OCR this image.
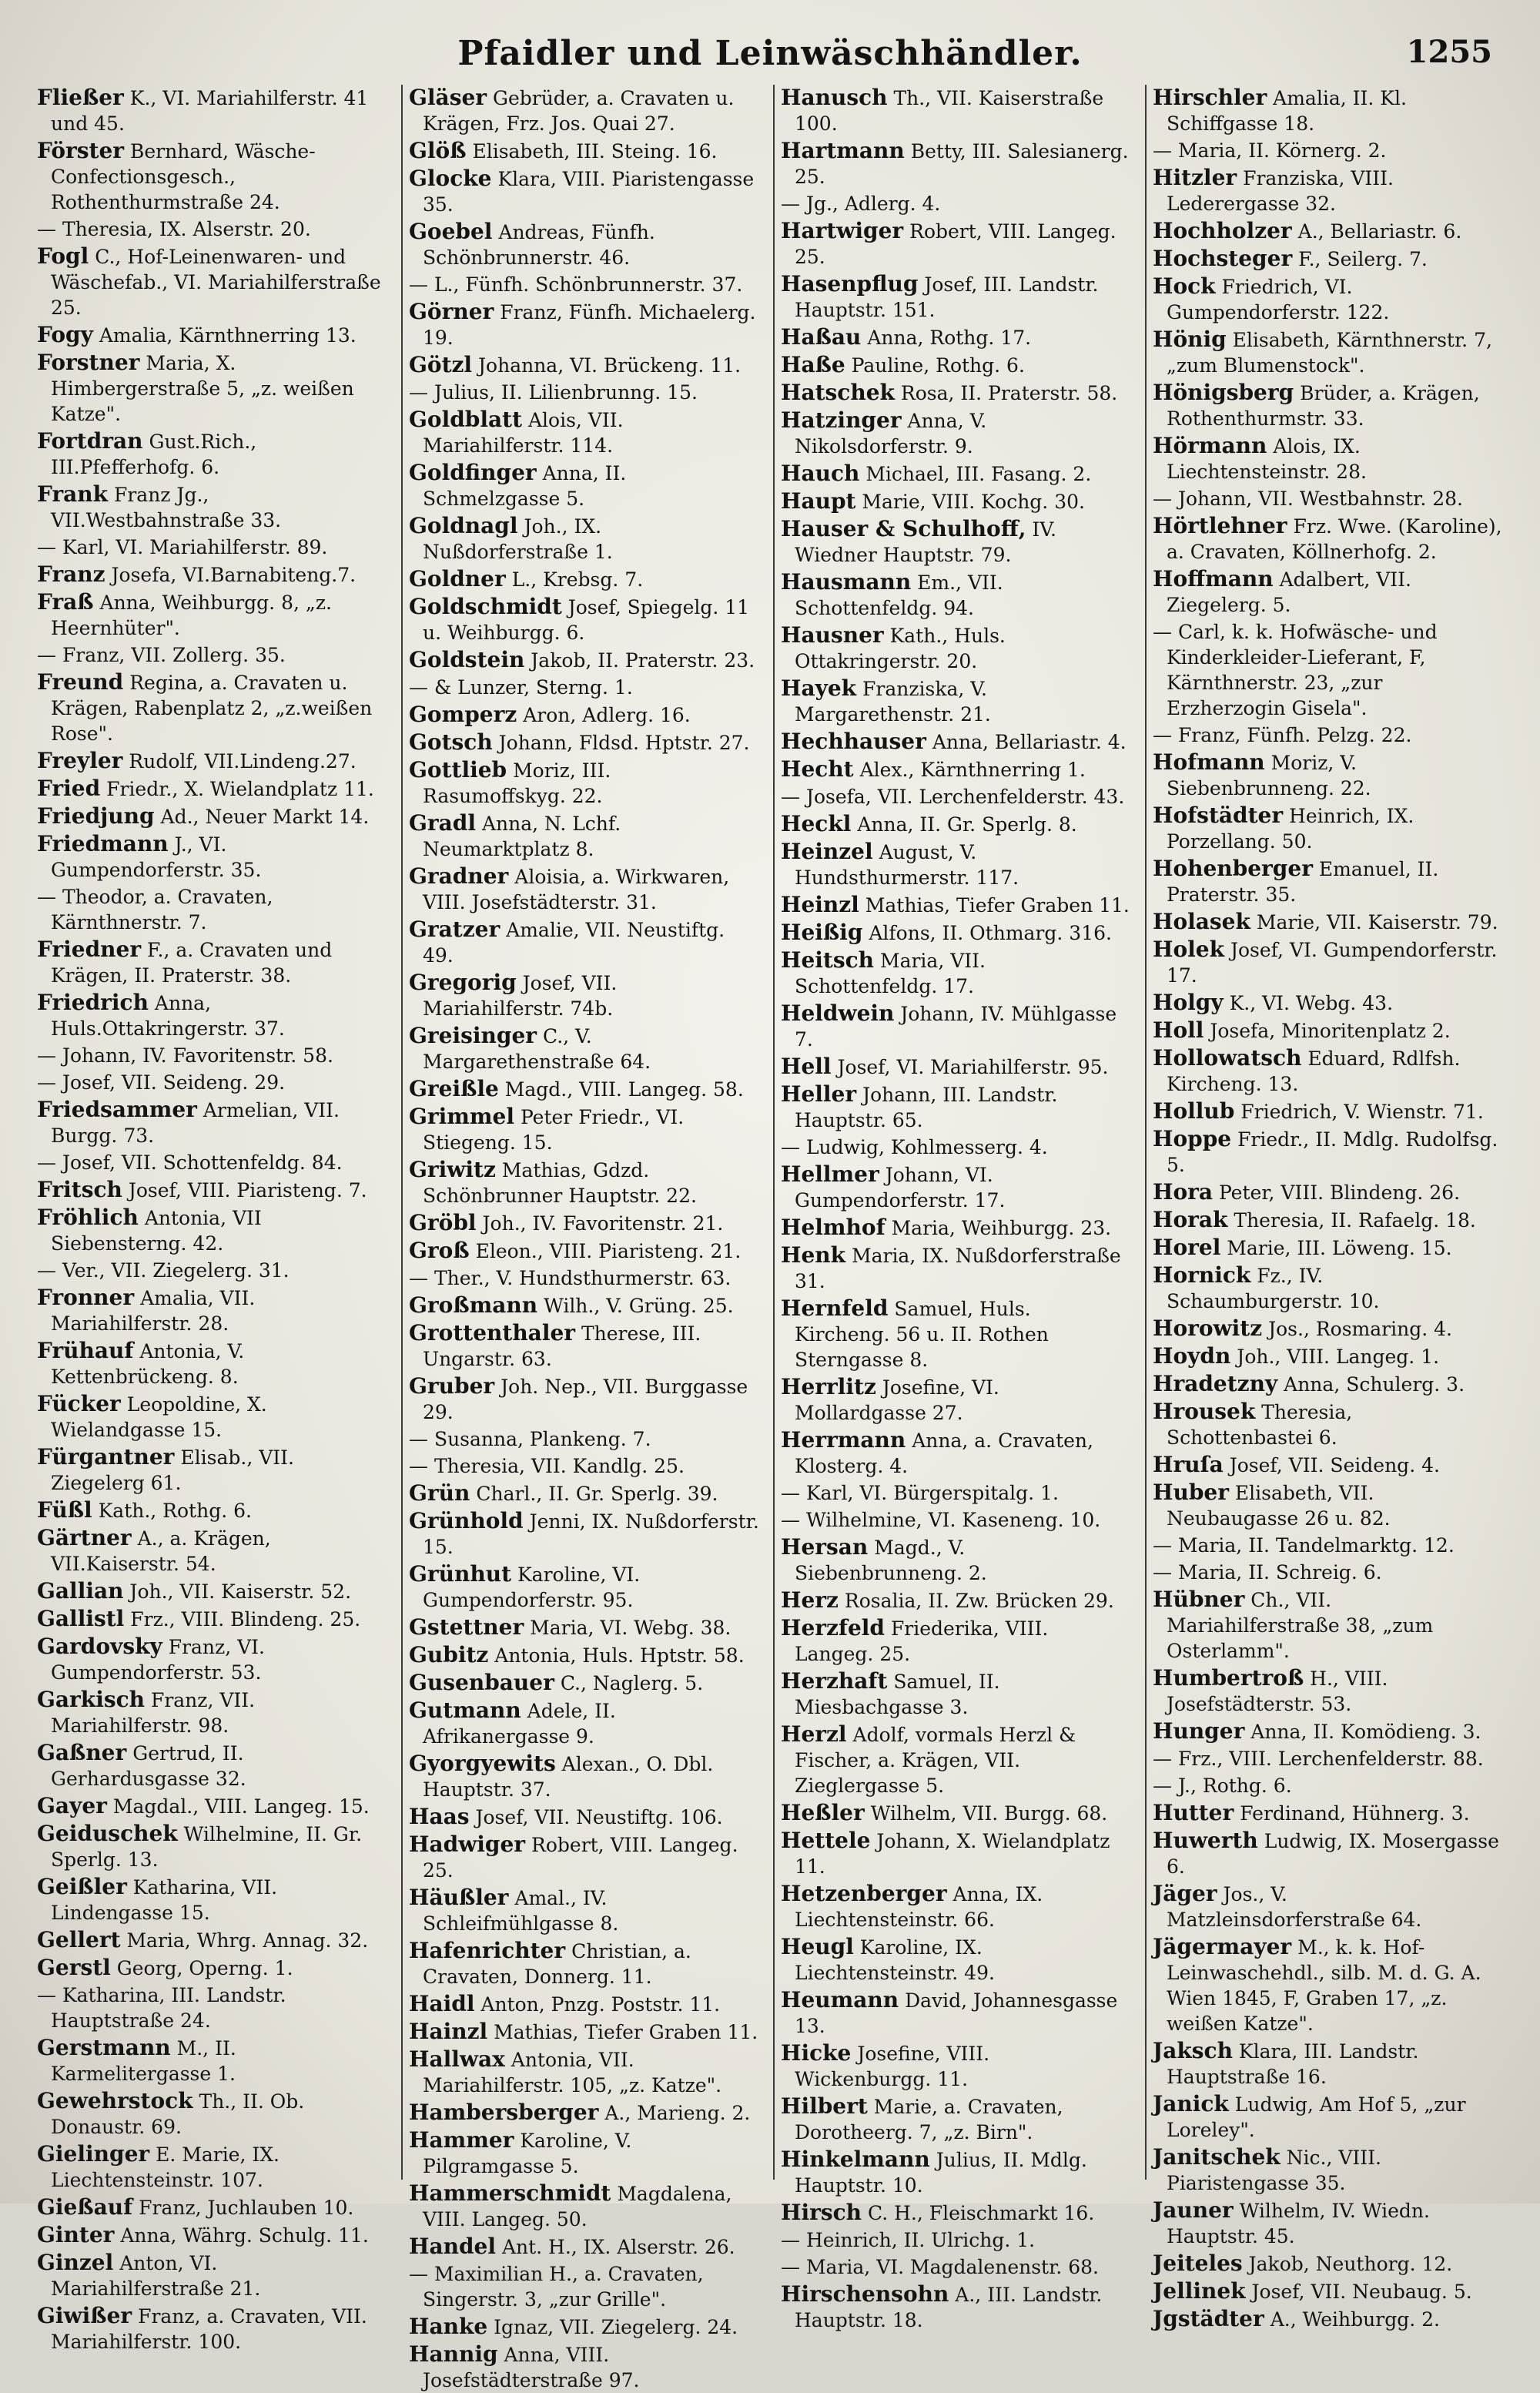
Pfaidler und Leinwäschhändler.	1255
Fließer K., VI. Mariahilferstr. 41 und 45.
Förster Bernhard, Wäsche-Confectionsgesch., Rothenthurmstraße 24.
— Theresia, IX. Alserstr. 20.
Fogl C., Hof-Leinenwaren- und Wäschefab., VI. Mariahilferstraße 25.
Fogy Amalia, Kärnthnerring 13.
Forstner Maria, X. Himbergerstraße 5, „z. weißen Katze".
Fortdran Gust.Rich., III.Pfefferhofg. 6.
Frank Franz Jg., VII.Westbahnstraße 33.
— Karl, VI. Mariahilferstr. 89.
Franz Josefa, VI.Barnabiteng.7.
Fraß Anna, Weihburgg. 8, „z. Heernhüter".
— Franz, VII. Zollerg. 35.
Freund Regina, a. Cravaten u. Krägen, Rabenplatz 2, „z.weißen Rose".
Freyler Rudolf, VII.Lindeng.27.
Fried Friedr., X. Wielandplatz 11.
Friedjung Ad., Neuer Markt 14.
Friedmann J., VI. Gumpendorferstr. 35.
— Theodor, a. Cravaten, Kärnthnerstr. 7.
Friedner F., a. Cravaten und Krägen, II. Praterstr. 38.
Friedrich Anna, Huls.Ottakringerstr. 37.
— Johann, IV. Favoritenstr. 58.
— Josef, VII. Seideng. 29.
Friedsammer Armelian, VII. Burgg. 73.
— Josef, VII. Schottenfeldg. 84.
Fritsch Josef, VIII. Piaristeng. 7.
Fröhlich Antonia, VII Siebensterng. 42.
— Ver., VII. Ziegelerg. 31.
Fronner Amalia, VII. Mariahilferstr. 28.
Frühauf Antonia, V. Kettenbrückeng. 8.
Fücker Leopoldine, X. Wielandgasse 15.
Fürgantner Elisab., VII. Ziegelerg 61.
Füßl Kath., Rothg. 6.
Gärtner A., a. Krägen, VII.Kaiserstr. 54.
Gallian Joh., VII. Kaiserstr. 52.
Gallistl Frz., VIII. Blindeng. 25.
Gardovsky Franz, VI. Gumpendorferstr. 53.
Garkisch Franz, VII. Mariahilferstr. 98.
Gaßner Gertrud, II. Gerhardusgasse 32.
Gayer Magdal., VIII. Langeg. 15.
Geiduschek Wilhelmine, II. Gr. Sperlg. 13.
Geißler Katharina, VII. Lindengasse 15.
Gellert Maria, Whrg. Annag. 32.
Gerstl Georg, Operng. 1.
— Katharina, III. Landstr. Hauptstraße 24.
Gerstmann M., II. Karmelitergasse 1.
Gewehrstock Th., II. Ob. Donaustr. 69.
Gielinger E. Marie, IX. Liechtensteinstr. 107.
Gießauf Franz, Juchlauben 10.
Ginter Anna, Währg. Schulg. 11.
Ginzel Anton, VI. Mariahilferstraße 21.
Giwißer Franz, a. Cravaten, VII. Mariahilferstr. 100.
Gläser Gebrüder, a. Cravaten u. Krägen, Frz. Jos. Quai 27.
Glöß Elisabeth, III. Steing. 16.
Glocke Klara, VIII. Piaristengasse 35.
Goebel Andreas, Fünfh. Schönbrunnerstr. 46.
— L., Fünfh. Schönbrunnerstr. 37.
Görner Franz, Fünfh. Michaelerg. 19.
Götzl Johanna, VI. Brückeng. 11.
— Julius, II. Lilienbrunng. 15.
Goldblatt Alois, VII. Mariahilferstr. 114.
Goldfinger Anna, II. Schmelzgasse 5.
Goldnagl Joh., IX. Nußdorferstraße 1.
Goldner L., Krebsg. 7.
Goldschmidt Josef, Spiegelg. 11 u. Weihburgg. 6.
Goldstein Jakob, II. Praterstr. 23.
— & Lunzer, Sterng. 1.
Gomperz Aron, Adlerg. 16.
Gotsch Johann, Fldsd. Hptstr. 27.
Gottlieb Moriz, III. Rasumoffskyg. 22.
Gradl Anna, N. Lchf. Neumarktplatz 8.
Gradner Aloisia, a. Wirkwaren, VIII. Josefstädterstr. 31.
Gratzer Amalie, VII. Neustiftg. 49.
Gregorig Josef, VII. Mariahilferstr. 74b.
Greisinger C., V. Margarethenstraße 64.
Greißle Magd., VIII. Langeg. 58.
Grimmel Peter Friedr., VI. Stiegeng. 15.
Griwitz Mathias, Gdzd. Schönbrunner Hauptstr. 22.
Gröbl Joh., IV. Favoritenstr. 21.
Groß Eleon., VIII. Piaristeng. 21.
— Ther., V. Hundsthurmerstr. 63.
Großmann Wilh., V. Grüng. 25.
Grottenthaler Therese, III. Ungarstr. 63.
Gruber Joh. Nep., VII. Burggasse 29.
— Susanna, Plankeng. 7.
— Theresia, VII. Kandlg. 25.
Grün Charl., II. Gr. Sperlg. 39.
Grünhold Jenni, IX. Nußdorferstr. 15.
Grünhut Karoline, VI. Gumpendorferstr. 95.
Gstettner Maria, VI. Webg. 38.
Gubitz Antonia, Huls. Hptstr. 58.
Gusenbauer C., Naglerg. 5.
Gutmann Adele, II. Afrikanergasse 9.
Gyorgyewits Alexan., O. Dbl. Hauptstr. 37.
Haas Josef, VII. Neustiftg. 106.
Hadwiger Robert, VIII. Langeg. 25.
Häußler Amal., IV. Schleifmühlgasse 8.
Hafenrichter Christian, a. Cravaten, Donnerg. 11.
Haidl Anton, Pnzg. Poststr. 11.
Hainzl Mathias, Tiefer Graben 11.
Hallwax Antonia, VII. Mariahilferstr. 105, „z. Katze".
Hambersberger A., Marieng. 2.
Hammer Karoline, V. Pilgramgasse 5.
Hammerschmidt Magdalena, VIII. Langeg. 50.
Handel Ant. H., IX. Alserstr. 26.
— Maximilian H., a. Cravaten, Singerstr. 3, „zur Grille".
Hanke Ignaz, VII. Ziegelerg. 24.
Hannig Anna, VIII. Josefstädterstraße 97.
Hanusch Th., VII. Kaiserstraße 100.
Hartmann Betty, III. Salesianerg. 25.
— Jg., Adlerg. 4.
Hartwiger Robert, VIII. Langeg. 25.
Hasenpflug Josef, III. Landstr. Hauptstr. 151.
Haßau Anna, Rothg. 17.
Haße Pauline, Rothg. 6.
Hatschek Rosa, II. Praterstr. 58.
Hatzinger Anna, V. Nikolsdorferstr. 9.
Hauch Michael, III. Fasang. 2.
Haupt Marie, VIII. Kochg. 30.
Hauser & Schulhoff, IV. Wiedner Hauptstr. 79.
Hausmann Em., VII. Schottenfeldg. 94.
Hausner Kath., Huls. Ottakringerstr. 20.
Hayek Franziska, V. Margarethenstr. 21.
Hechhauser Anna, Bellariastr. 4.
Hecht Alex., Kärnthnerring 1.
— Josefa, VII. Lerchenfelderstr. 43.
Heckl Anna, II. Gr. Sperlg. 8.
Heinzel August, V. Hundsthurmerstr. 117.
Heinzl Mathias, Tiefer Graben 11.
Heißig Alfons, II. Othmarg. 316.
Heitsch Maria, VII. Schottenfeldg. 17.
Heldwein Johann, IV. Mühlgasse 7.
Hell Josef, VI. Mariahilferstr. 95.
Heller Johann, III. Landstr. Hauptstr. 65.
— Ludwig, Kohlmesserg. 4.
Hellmer Johann, VI. Gumpendorferstr. 17.
Helmhof Maria, Weihburgg. 23.
Henk Maria, IX. Nußdorferstraße 31.
Hernfeld Samuel, Huls. Kircheng. 56 u. II. Rothen Sterngasse 8.
Herrlitz Josefine, VI. Mollardgasse 27.
Herrmann Anna, a. Cravaten, Klosterg. 4.
— Karl, VI. Bürgerspitalg. 1.
— Wilhelmine, VI. Kaseneng. 10.
Hersan Magd., V. Siebenbrunneng. 2.
Herz Rosalia, II. Zw. Brücken 29.
Herzfeld Friederika, VIII. Langeg. 25.
Herzhaft Samuel, II. Miesbachgasse 3.
Herzl Adolf, vormals Herzl & Fischer, a. Krägen, VII. Zieglergasse 5.
Heßler Wilhelm, VII. Burgg. 68.
Hettele Johann, X. Wielandplatz 11.
Hetzenberger Anna, IX. Liechtensteinstr. 66.
Heugl Karoline, IX. Liechtensteinstr. 49.
Heumann David, Johannesgasse 13.
Hicke Josefine, VIII. Wickenburgg. 11.
Hilbert Marie, a. Cravaten, Dorotheerg. 7, „z. Birn".
Hinkelmann Julius, II. Mdlg. Hauptstr. 10.
Hirsch C. H., Fleischmarkt 16.
— Heinrich, II. Ulrichg. 1.
— Maria, VI. Magdalenenstr. 68.
Hirschensohn A., III. Landstr. Hauptstr. 18.
Hirschler Amalia, II. Kl. Schiffgasse 18.
— Maria, II. Körnerg. 2.
Hitzler Franziska, VIII. Lederergasse 32.
Hochholzer A., Bellariastr. 6.
Hochsteger F., Seilerg. 7.
Hock Friedrich, VI. Gumpendorferstr. 122.
Hönig Elisabeth, Kärnthnerstr. 7, „zum Blumenstock".
Hönigsberg Brüder, a. Krägen, Rothenthurmstr. 33.
Hörmann Alois, IX. Liechtensteinstr. 28.
— Johann, VII. Westbahnstr. 28.
Hörtlehner Frz. Wwe. (Karoline), a. Cravaten, Köllnerhofg. 2.
Hoffmann Adalbert, VII. Ziegelerg. 5.
— Carl, k. k. Hofwäsche- und Kinderkleider-Lieferant, F, Kärnthnerstr. 23, „zur Erzherzogin Gisela".
— Franz, Fünfh. Pelzg. 22.
Hofmann Moriz, V. Siebenbrunneng. 22.
Hofstädter Heinrich, IX. Porzellang. 50.
Hohenberger Emanuel, II. Praterstr. 35.
Holasek Marie, VII. Kaiserstr. 79.
Holek Josef, VI. Gumpendorferstr. 17.
Holgy K., VI. Webg. 43.
Holl Josefa, Minoritenplatz 2.
Hollowatsch Eduard, Rdlfsh. Kircheng. 13.
Hollub Friedrich, V. Wienstr. 71.
Hoppe Friedr., II. Mdlg. Rudolfsg. 5.
Hora Peter, VIII. Blindeng. 26.
Horak Theresia, II. Rafaelg. 18.
Horel Marie, III. Löweng. 15.
Hornick Fz., IV. Schaumburgerstr. 10.
Horowitz Jos., Rosmaring. 4.
Hoydn Joh., VIII. Langeg. 1.
Hradetzny Anna, Schulerg. 3.
Hrousek Theresia, Schottenbastei 6.
Hruſa Josef, VII. Seideng. 4.
Huber Elisabeth, VII. Neubaugasse 26 u. 82.
— Maria, II. Tandelmarktg. 12.
— Maria, II. Schreig. 6.
Hübner Ch., VII. Mariahilferstraße 38, „zum Osterlamm".
Humbertroß H., VIII. Josefstädterstr. 53.
Hunger Anna, II. Komödieng. 3.
— Frz., VIII. Lerchenfelderstr. 88.
— J., Rothg. 6.
Hutter Ferdinand, Hühnerg. 3.
Huwerth Ludwig, IX. Mosergasse 6.
Jäger Jos., V. Matzleinsdorferstraße 64.
Jägermayer M., k. k. Hof-Leinwaschehdl., silb. M. d. G. A. Wien 1845, F, Graben 17, „z. weißen Katze".
Jaksch Klara, III. Landstr. Hauptstraße 16.
Janick Ludwig, Am Hof 5, „zur Loreley".
Janitschek Nic., VIII. Piaristengasse 35.
Jauner Wilhelm, IV. Wiedn. Hauptstr. 45.
Jeiteles Jakob, Neuthorg. 12.
Jellinek Josef, VII. Neubaug. 5.
Jgstädter A., Weihburgg. 2.
